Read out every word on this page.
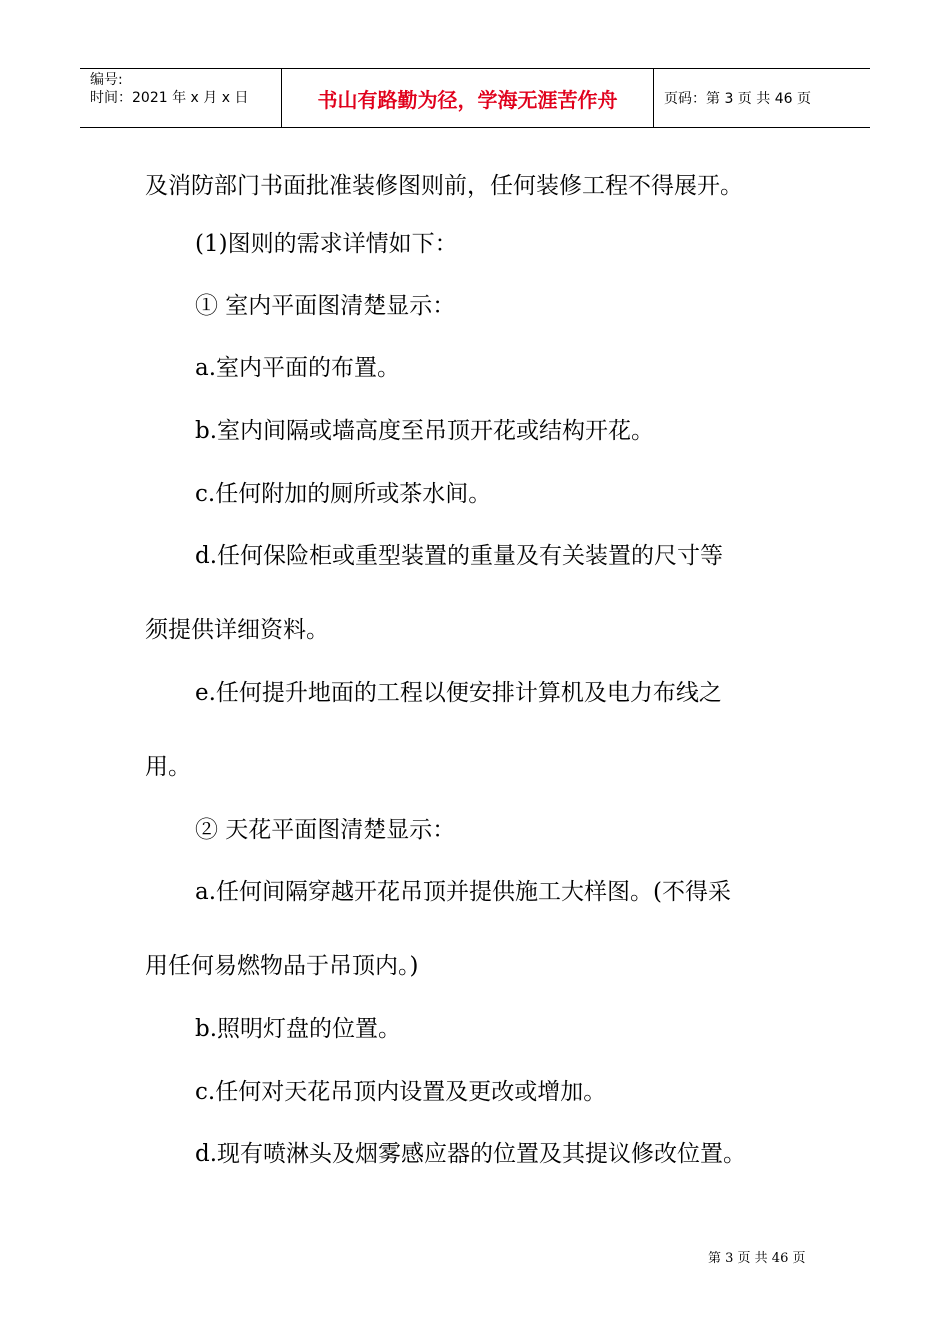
编号:
时间：2021 年 x 月 x 日	书山有路勤为径，学海无涯苦作舟	页码：第 3 页 共 46 页
及消防部门书面批准装修图则前，任何装修工程不得展开。
(1)图则的需求详情如下：
① 室内平面图清楚显示：
a.室内平面的布置。
b.室内间隔或墙高度至吊顶开花或结构开花。
c.任何附加的厕所或茶水间。
d.任何保险柜或重型装置的重量及有关装置的尺寸等
须提供详细资料。
e.任何提升地面的工程以便安排计算机及电力布线之
用。
② 天花平面图清楚显示：
a.任何间隔穿越开花吊顶并提供施工大样图。(不得采
用任何易燃物品于吊顶内。)
b.照明灯盘的位置。
c.任何对天花吊顶内设置及更改或增加。
d.现有喷淋头及烟雾感应器的位置及其提议修改位置。
第 3 页 共 46 页
